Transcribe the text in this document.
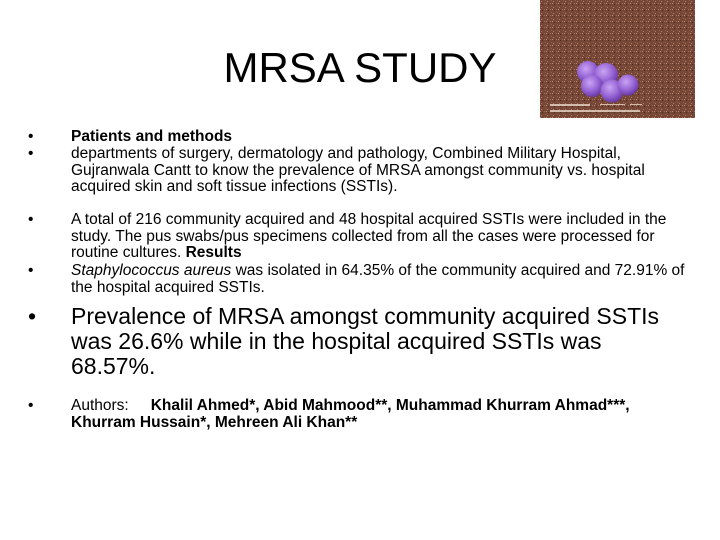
MRSA STUDY
• Patients and methods
• departments of surgery, dermatology and pathology, Combined Military Hospital, Gujranwala Cantt to know the prevalence of MRSA amongst community vs. hospital acquired skin and soft tissue infections (SSTIs).
• A total of 216 community acquired and 48 hospital acquired SSTIs were included in the study. The pus swabs/pus specimens collected from all the cases were processed for routine cultures. Results
• Staphylococcus aureus was isolated in 64.35% of the community acquired and 72.91% of the hospital acquired SSTIs.
• Prevalence of MRSA amongst community acquired SSTIs was 26.6% while in the hospital acquired SSTIs was 68.57%.
• Authors: Khalil Ahmed*, Abid Mahmood**, Muhammad Khurram Ahmad***, Khurram Hussain*, Mehreen Ali Khan**
